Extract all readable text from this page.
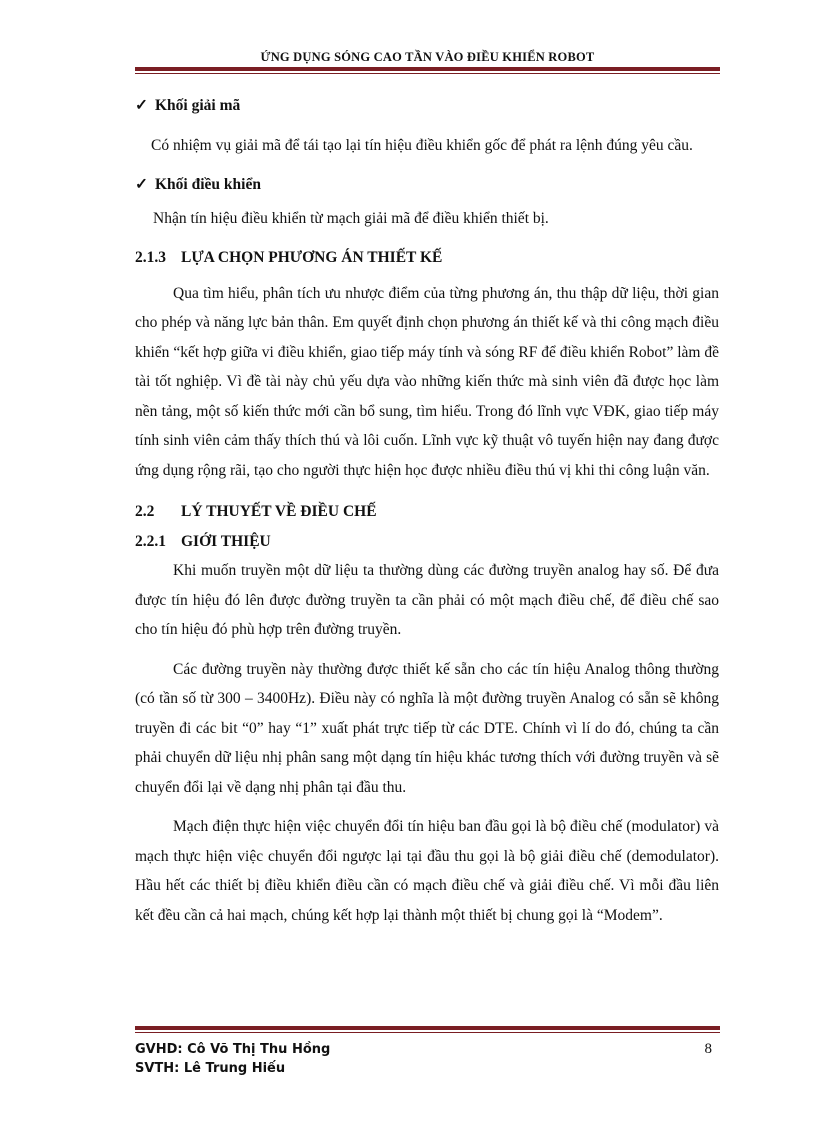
ỨNG DỤNG SÓNG CAO TẦN VÀO ĐIỀU KHIỂN ROBOT

✓ Khối giải mã

Có nhiệm vụ giải mã để tái tạo lại tín hiệu điều khiển gốc để phát ra lệnh đúng yêu cầu.

✓ Khối điều khiển

Nhận tín hiệu điều khiển từ mạch giải mã để điều khiển thiết bị.

2.1.3 LỰA CHỌN PHƯƠNG ÁN THIẾT KẾ

Qua tìm hiểu, phân tích ưu nhược điểm của từng phương án, thu thập dữ liệu, thời gian cho phép và năng lực bản thân. Em quyết định chọn phương án thiết kế và thi công mạch điều khiển “kết hợp giữa vi điều khiển, giao tiếp máy tính và sóng RF để điều khiển Robot” làm đề tài tốt nghiệp. Vì đề tài này chủ yếu dựa vào những kiến thức mà sinh viên đã được học làm nền tảng, một số kiến thức mới cần bổ sung, tìm hiểu. Trong đó lĩnh vực VĐK, giao tiếp máy tính sinh viên cảm thấy thích thú và lôi cuốn. Lĩnh vực kỹ thuật vô tuyến hiện nay đang được ứng dụng rộng rãi, tạo cho người thực hiện học được nhiều điều thú vị khi thi công luận văn.

2.2 LÝ THUYẾT VỀ ĐIỀU CHẾ

2.2.1 GIỚI THIỆU

Khi muốn truyền một dữ liệu ta thường dùng các đường truyền analog hay số. Để đưa được tín hiệu đó lên được đường truyền ta cần phải có một mạch điều chế, để điều chế sao cho tín hiệu đó phù hợp trên đường truyền.

Các đường truyền này thường được thiết kế sẵn cho các tín hiệu Analog thông thường (có tần số từ 300 – 3400Hz). Điều này có nghĩa là một đường truyền Analog có sẵn sẽ không truyền đi các bit “0” hay “1” xuất phát trực tiếp từ các DTE. Chính vì lí do đó, chúng ta cần phải chuyển dữ liệu nhị phân sang một dạng tín hiệu khác tương thích với đường truyền và sẽ chuyển đổi lại về dạng nhị phân tại đầu thu.

Mạch điện thực hiện việc chuyển đổi tín hiệu ban đầu gọi là bộ điều chế (modulator) và mạch thực hiện việc chuyển đổi ngược lại tại đầu thu gọi là bộ giải điều chế (demodulator). Hầu hết các thiết bị điều khiển điều cần có mạch điều chế và giải điều chế. Vì mỗi đầu liên kết đều cần cả hai mạch, chúng kết hợp lại thành một thiết bị chung gọi là “Modem”.

GVHD: Cô Võ Thị Thu Hồng
SVTH: Lê Trung Hiếu
8
